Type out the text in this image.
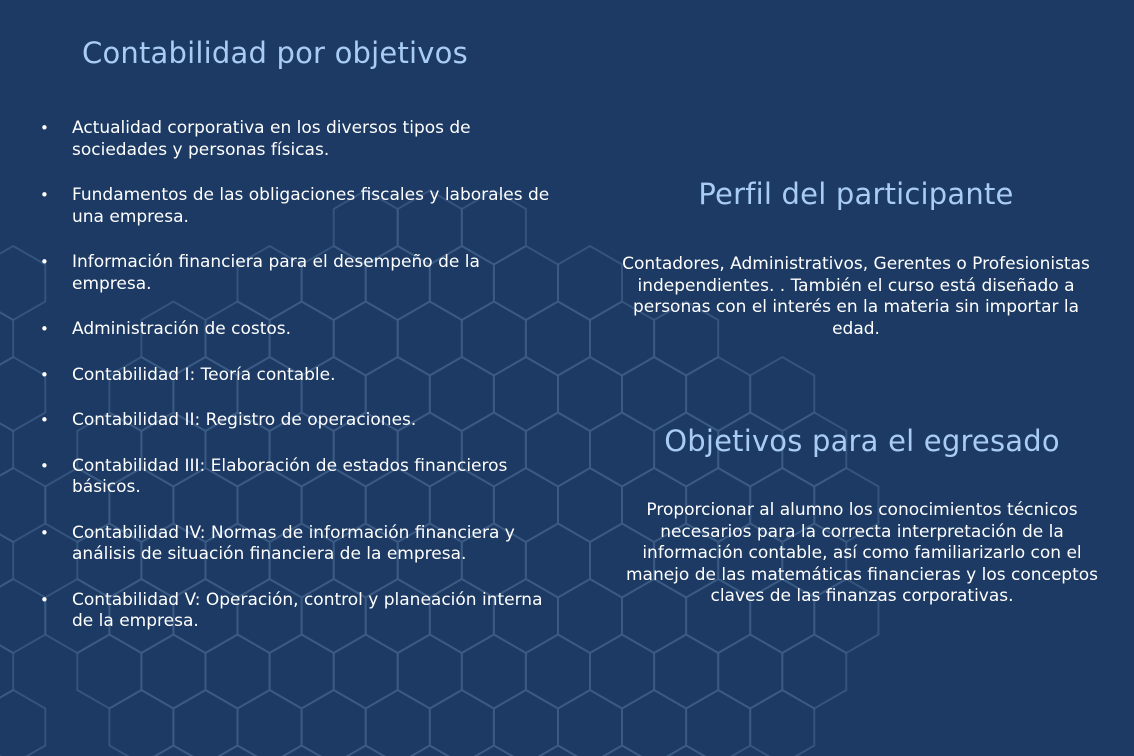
Contabilidad por objetivos
• Actualidad corporativa en los diversos tipos de sociedades y personas físicas.
• Fundamentos de las obligaciones fiscales y laborales de una empresa.
• Información financiera para el desempeño de la empresa.
• Administración de costos.
• Contabilidad I: Teoría contable.
• Contabilidad II: Registro de operaciones.
• Contabilidad III: Elaboración de estados financieros básicos.
• Contabilidad IV: Normas de información financiera y análisis de situación financiera de la empresa.
• Contabilidad V: Operación, control y planeación interna de la empresa.
Perfil del participante
Contadores, Administrativos, Gerentes o Profesionistas independientes. . También el curso está diseñado a personas con el interés en la materia sin importar la edad.
Objetivos para el egresado
Proporcionar al alumno los conocimientos técnicos necesarios para la correcta interpretación de la información contable, así como familiarizarlo con el manejo de las matemáticas financieras y los conceptos claves de las finanzas corporativas.
